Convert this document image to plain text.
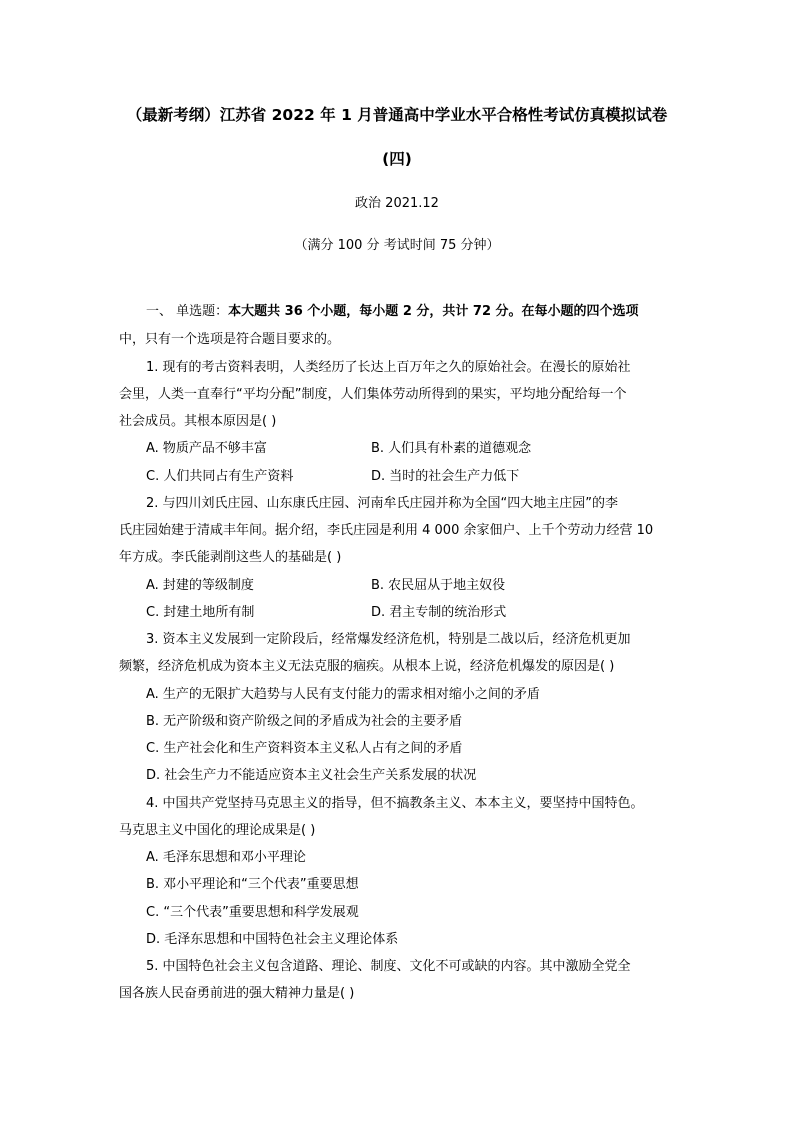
（最新考纲）江苏省 2022 年 1 月普通高中学业水平合格性考试仿真模拟试卷
(四)
政治 2021.12
（满分 100 分 考试时间 75 分钟）
一、 单选题：本大题共 36 个小题，每小题 2 分，共计 72 分。在每小题的四个选项
中，只有一个选项是符合题目要求的。
1. 现有的考古资料表明，人类经历了长达上百万年之久的原始社会。在漫长的原始社
会里，人类一直奉行“平均分配”制度，人们集体劳动所得到的果实，平均地分配给每一个
社会成员。其根本原因是( )
A. 物质产品不够丰富	B. 人们具有朴素的道德观念
C. 人们共同占有生产资料	D. 当时的社会生产力低下
2. 与四川刘氏庄园、山东康氏庄园、河南牟氏庄园并称为全国“四大地主庄园”的李
氏庄园始建于清咸丰年间。据介绍，李氏庄园是利用 4 000 余家佃户、上千个劳动力经营 10
年方成。李氏能剥削这些人的基础是( )
A. 封建的等级制度	B. 农民屈从于地主奴役
C. 封建土地所有制	D. 君主专制的统治形式
3. 资本主义发展到一定阶段后，经常爆发经济危机，特别是二战以后，经济危机更加
频繁，经济危机成为资本主义无法克服的痼疾。从根本上说，经济危机爆发的原因是( )
A. 生产的无限扩大趋势与人民有支付能力的需求相对缩小之间的矛盾
B. 无产阶级和资产阶级之间的矛盾成为社会的主要矛盾
C. 生产社会化和生产资料资本主义私人占有之间的矛盾
D. 社会生产力不能适应资本主义社会生产关系发展的状况
4. 中国共产党坚持马克思主义的指导，但不搞教条主义、本本主义，要坚持中国特色。
马克思主义中国化的理论成果是( )
A. 毛泽东思想和邓小平理论
B. 邓小平理论和“三个代表”重要思想
C. “三个代表”重要思想和科学发展观
D. 毛泽东思想和中国特色社会主义理论体系
5. 中国特色社会主义包含道路、理论、制度、文化不可或缺的内容。其中激励全党全
国各族人民奋勇前进的强大精神力量是( )
